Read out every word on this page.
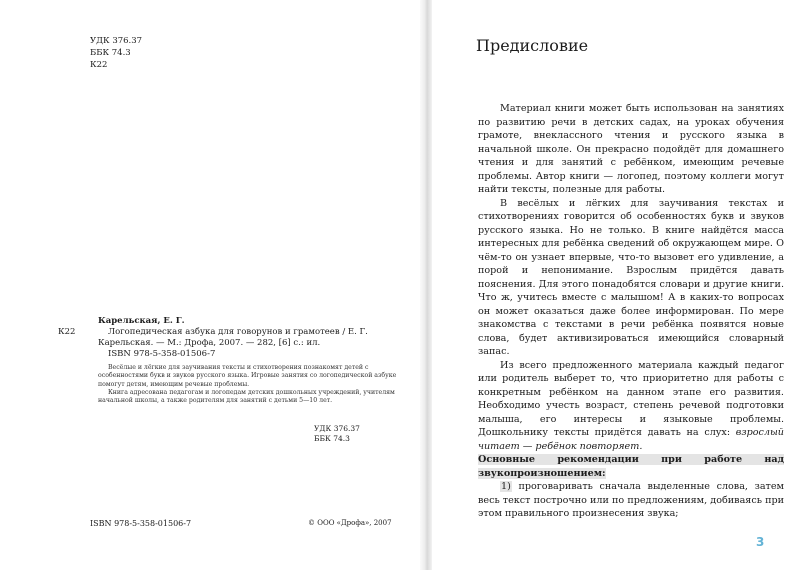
УДК 376.37
ББК 74.3
К22
К22
Карельская, Е. Г.
Логопедическая азбука для говорунов и грамотеев / Е. Г. Карельская. — М.: Дрофа, 2007. — 282, [6] с.: ил.
ISBN 978-5-358-01506-7

Весёлые и лёгкие для заучивания тексты и стихотворения познакомят детей с особенностями букв и звуков русского языка. Игровые занятия со логопедической азбуке помогут детям, имеющим речевые проблемы.

Книга адресована педагогам и логопедам детских дошкольных учреждений, учителям начальной школы, а также родителям для занятий с детьми 5—10 лет.

УДК 376.37
ББК 74.3
ISBN 978-5-358-01506-7	© ООО «Дрофа», 2007
Предисловие

Материал книги может быть использован на занятиях по развитию речи в детских садах, на уроках обучения грамоте, внеклассного чтения и русского языка в начальной школе. Он прекрасно подойдёт для домашнего чтения и для занятий с ребёнком, имеющим речевые проблемы. Автор книги — логопед, поэтому коллеги могут найти тексты, полезные для работы.

В весёлых и лёгких для заучивания текстах и стихотворениях говорится об особенностях букв и звуков русского языка. Но не только. В книге найдётся масса интересных для ребёнка сведений об окружающем мире. О чём-то он узнает впервые, что-то вызовет его удивление, а порой и непонимание. Взрослым придётся давать пояснения. Для этого понадобятся словари и другие книги. Что ж, учитесь вместе с малышом! А в каких-то вопросах он может оказаться даже более информирован. По мере знакомства с текстами в речи ребёнка появятся новые слова, будет активизироваться имеющийся словарный запас.

Из всего предложенного материала каждый педагог или родитель выберет то, что приоритетно для работы с конкретным ребёнком на данном этапе его развития. Необходимо учесть возраст, степень речевой подготовки малыша, его интересы и языковые проблемы. Дошкольнику тексты придётся давать на слух: взрослый читает — ребёнок повторяет.

Основные рекомендации при работе над звукопроизношением:

1) проговаривать сначала выделенные слова, затем весь текст построчно или по предложениям, добиваясь при этом правильного произнесения звука;

3
